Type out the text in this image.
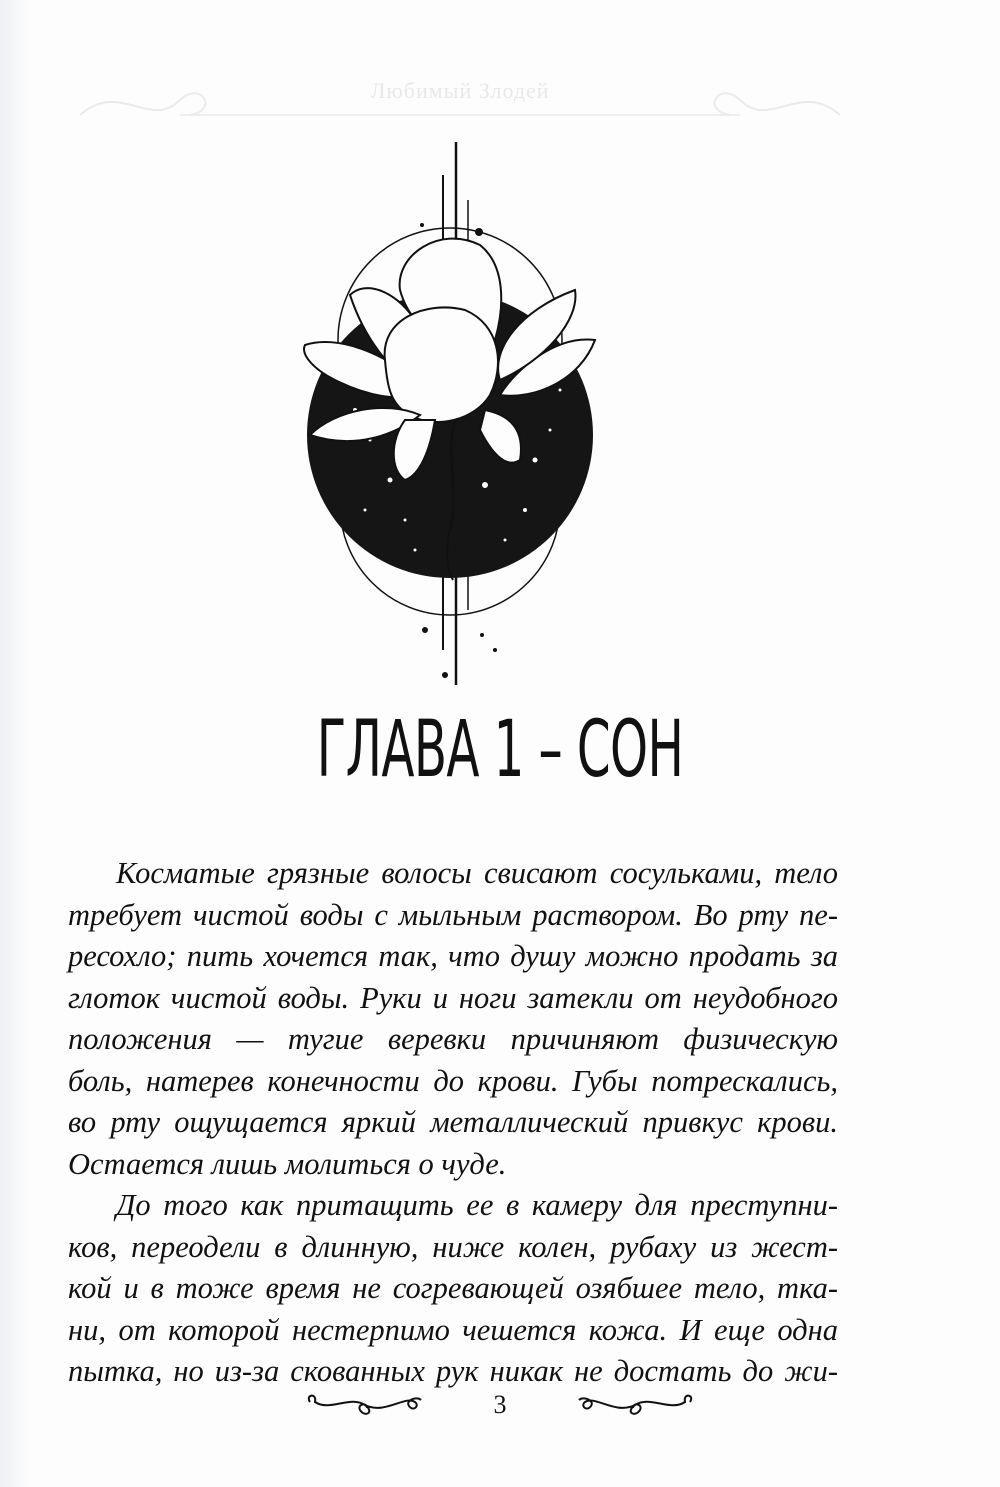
Любимый Злодей
ГЛАВА 1 – СОН

Косматые грязные волосы свисают сосульками, тело
требует чистой воды с мыльным раствором. Во рту пе-
ресохло; пить хочется так, что душу можно продать за
глоток чистой воды. Руки и ноги затекли от неудобного
положения — тугие веревки причиняют физическую
боль, натерев конечности до крови. Губы потрескались,
во рту ощущается яркий металлический привкус крови.
Остается лишь молиться о чуде.

До того как притащить ее в камеру для преступни-
ков, переодели в длинную, ниже колен, рубаху из жест-
кой и в тоже время не согревающей озябшее тело, тка-
ни, от которой нестерпимо чешется кожа. И еще одна
пытка, но из-за скованных рук никак не достать до жи-

3
